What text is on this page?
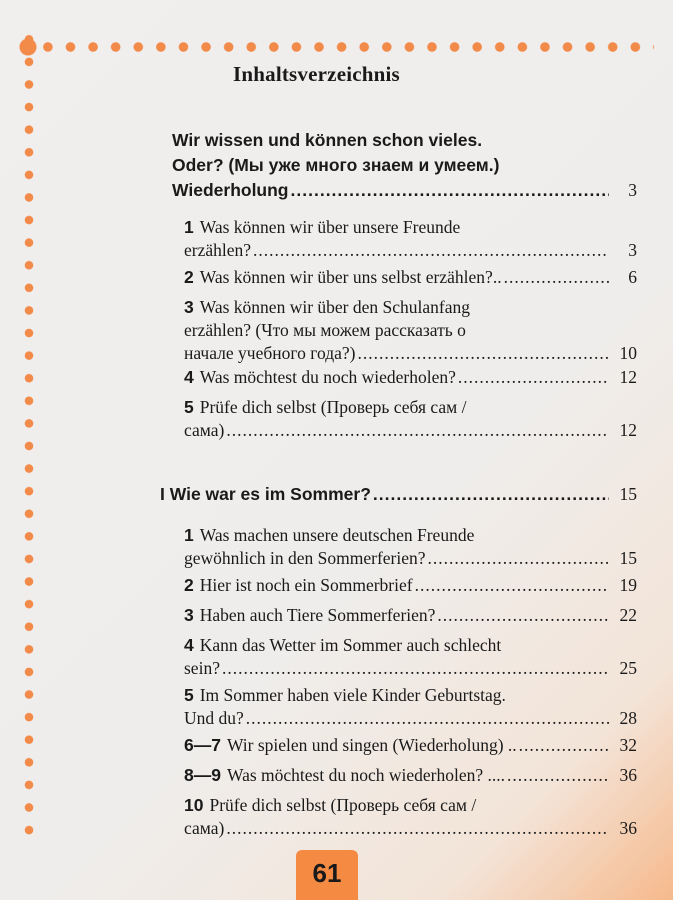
Inhaltsverzeichnis
Wir wissen und können schon vieles.
Oder? (Мы уже много знаем и умеем.)
Wiederholung .....	3
1 Was können wir über unsere Freunde
erzählen? .....	3
2 Was können wir über uns selbst erzählen?.. .....	6
3 Was können wir über den Schulanfang
erzählen? (Что мы можем рассказать о
начале учебного года?) .....	10
4 Was möchtest du noch wiederholen? .....	12
5 Prüfe dich selbst (Проверь себя сам /
сама) .....	12
I Wie war es im Sommer? .....	15
1 Was machen unsere deutschen Freunde
gewöhnlich in den Sommerferien? .....	15
2 Hier ist noch ein Sommerbrief .....	19
3 Haben auch Tiere Sommerferien? .....	22
4 Kann das Wetter im Sommer auch schlecht
sein? .....	25
5 Im Sommer haben viele Kinder Geburtstag.
Und du? .....	28
6—7 Wir spielen und singen (Wiederholung) .. .....	32
8—9 Was möchtest du noch wiederholen? .... .....	36
10 Prüfe dich selbst (Проверь себя сам /
сама) .....	36
61
